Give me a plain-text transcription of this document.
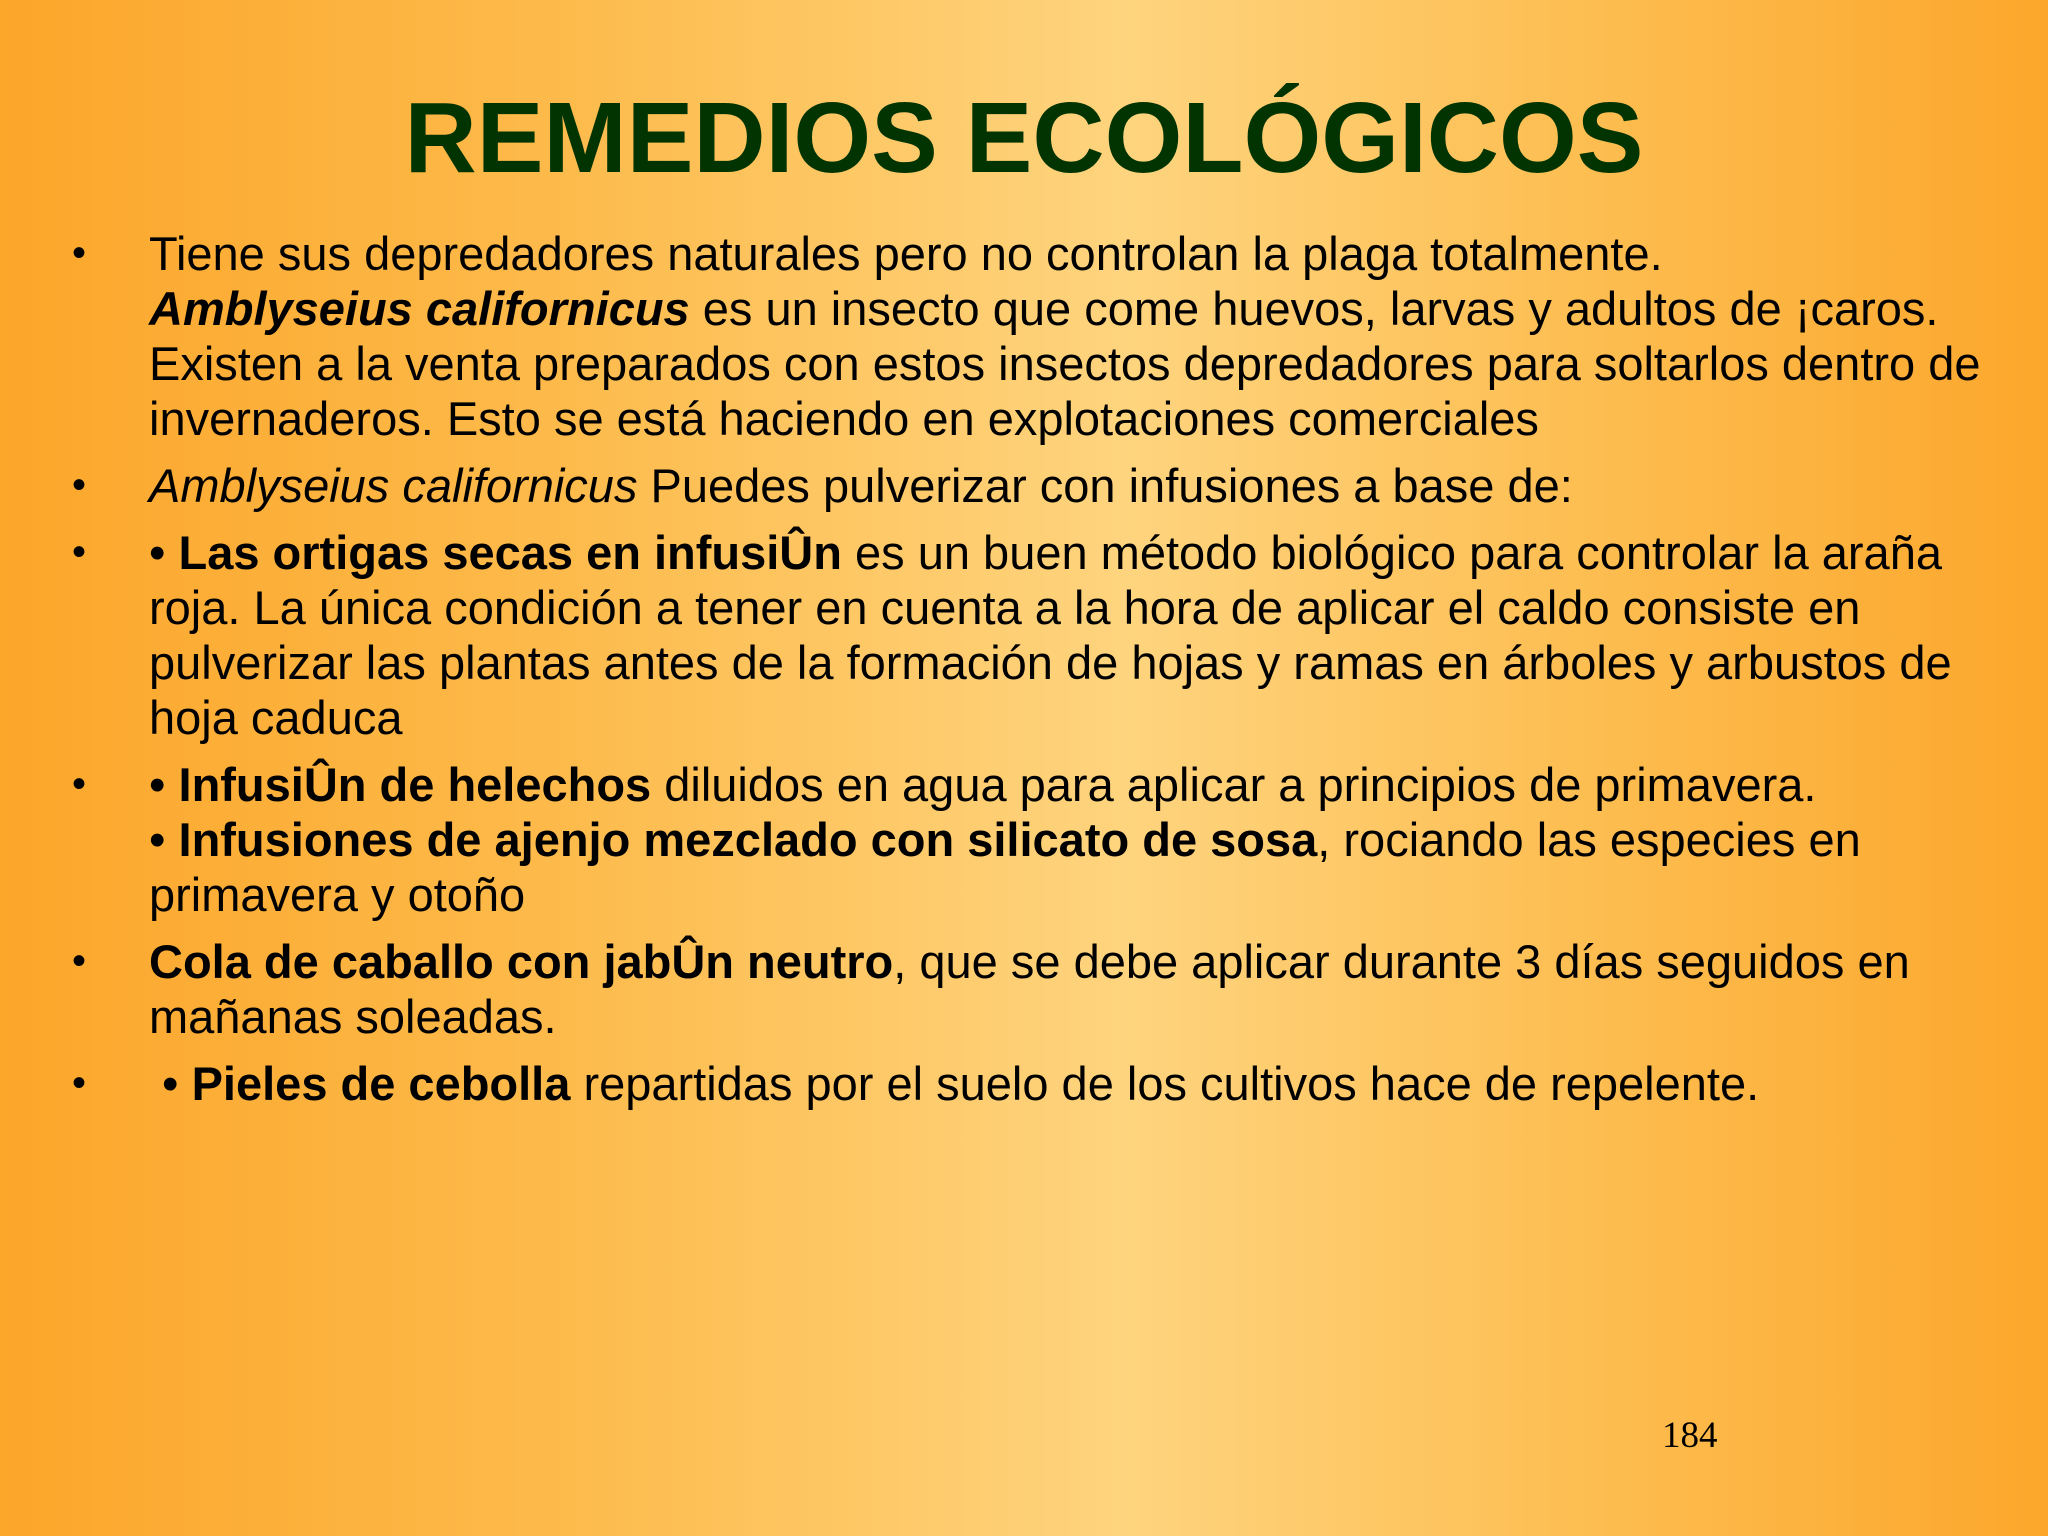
REMEDIOS ECOLÓGICOS
• Tiene sus depredadores naturales pero no controlan la plaga totalmente.
Amblyseius californicus es un insecto que come huevos, larvas y adultos de ¡caros. Existen a la venta preparados con estos insectos depredadores para soltarlos dentro de invernaderos. Esto se está haciendo en explotaciones comerciales
• Amblyseius californicus Puedes pulverizar con infusiones a base de:
• • Las ortigas secas en infusiÛn es un buen método biológico para controlar la araña roja. La única condición a tener en cuenta a la hora de aplicar el caldo consiste en pulverizar las plantas antes de la formación de hojas y ramas en árboles y arbustos de hoja caduca
• • InfusiÛn de helechos diluidos en agua para aplicar a principios de primavera.
• Infusiones de ajenjo mezclado con silicato de sosa, rociando las especies en primavera y otoño
• Cola de caballo con jabÛn neutro, que se debe aplicar durante 3 días seguidos en mañanas soleadas.
• • Pieles de cebolla repartidas por el suelo de los cultivos hace de repelente.
184
